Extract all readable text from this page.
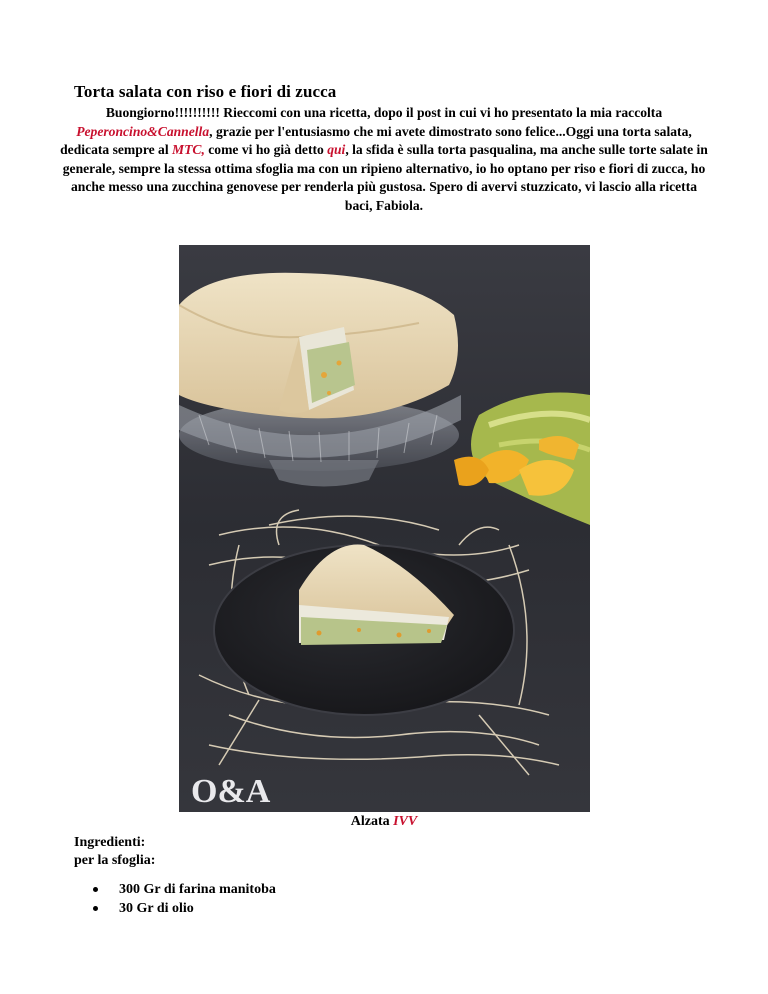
Torta salata con riso e fiori di zucca
Buongiorno!!!!!!!!!! Rieccomi con una ricetta, dopo il post in cui vi ho presentato la mia raccolta Peperoncino&Cannella, grazie per l'entusiasmo che mi avete dimostrato sono felice...Oggi una torta salata, dedicata sempre al MTC, come vi ho già detto qui, la sfida è sulla torta pasqualina, ma anche sulle torte salate in generale, sempre la stessa ottima sfoglia ma con un ripieno alternativo, io ho optano per riso e fiori di zucca, ho anche messo una zucchina genovese per renderla più gustosa. Spero di avervi stuzzicato, vi lascio alla ricetta baci, Fabiola.
O&A
Alzata IVV
Ingredienti:
per la sfoglia:
300 Gr di farina manitoba
30 Gr di olio
